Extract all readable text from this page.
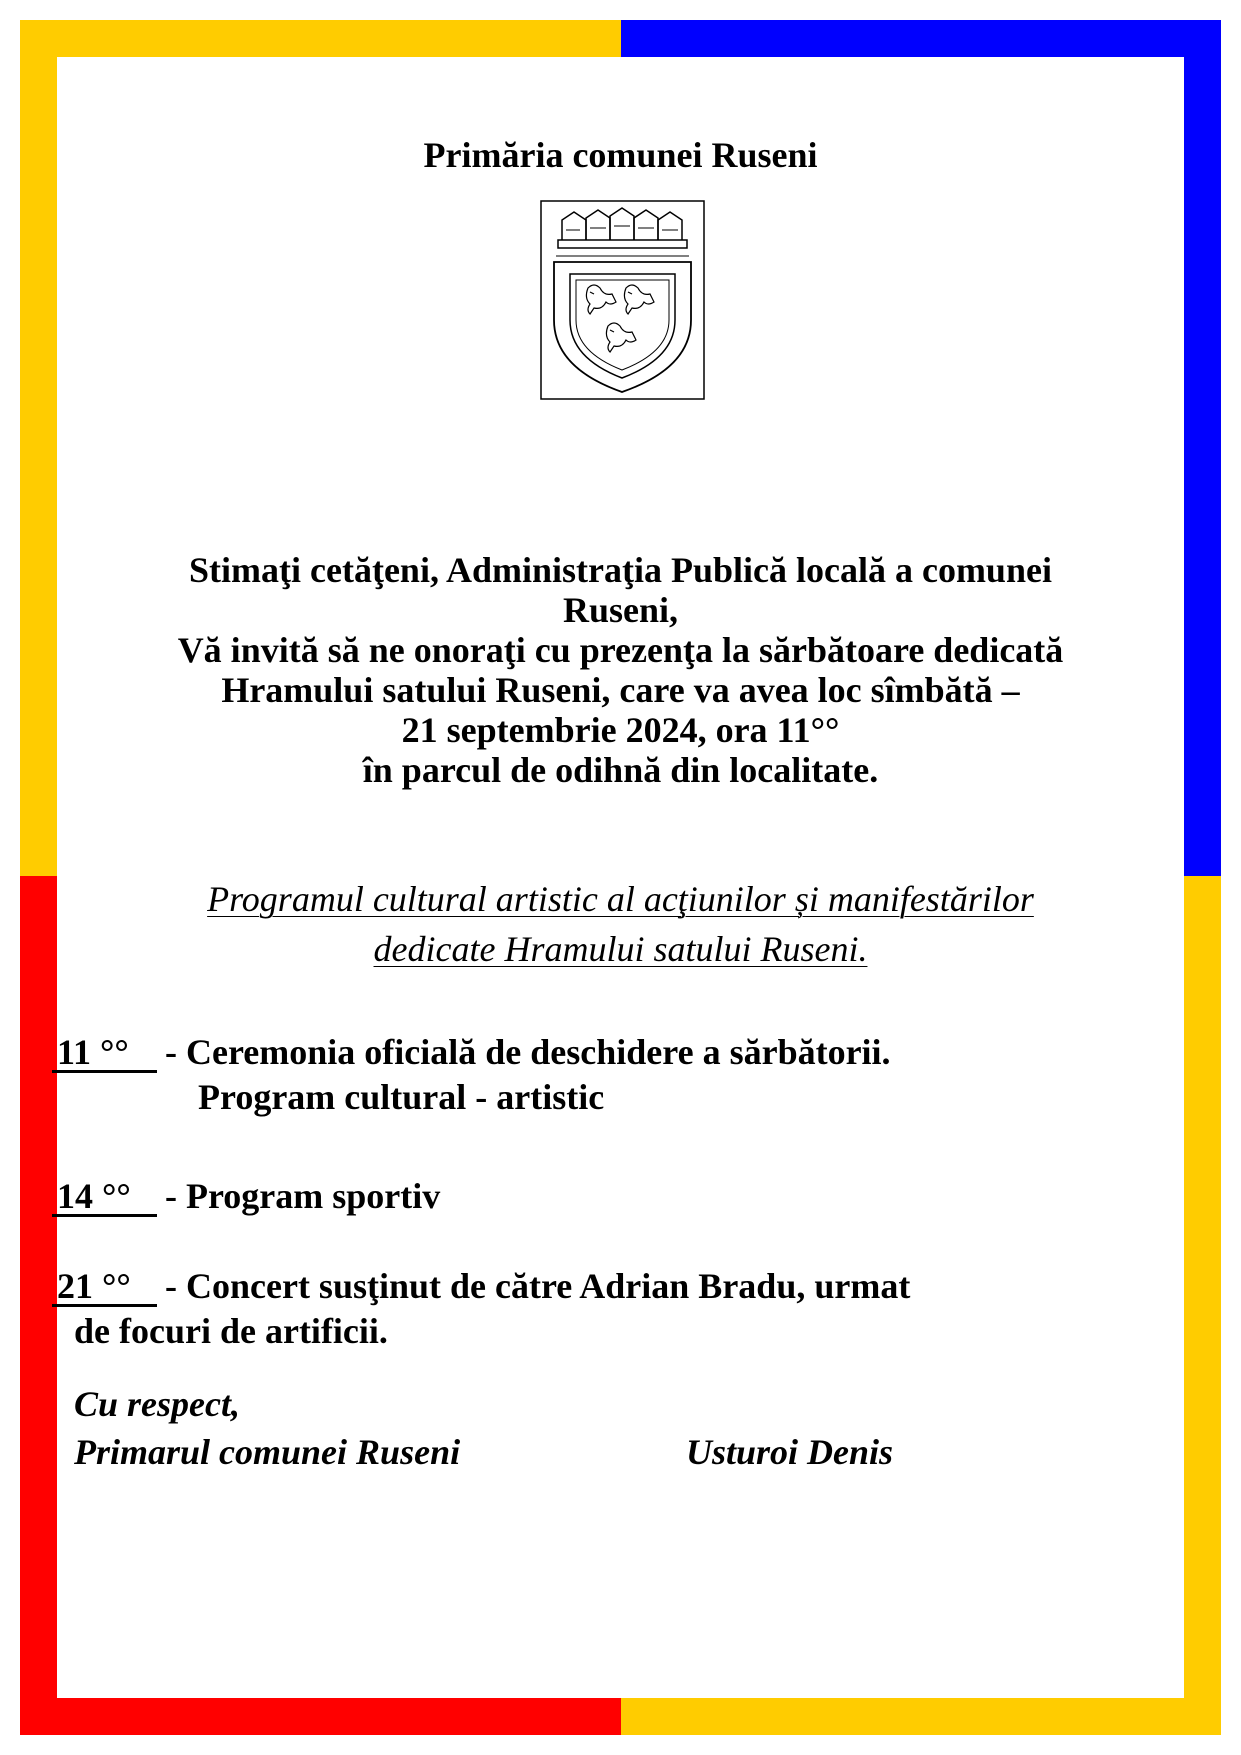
Primăria comunei Ruseni
Stimaţi cetăţeni, Administraţia Publică locală a comunei
Ruseni,
Vă invită să ne onoraţi cu prezenţa la sărbătoare dedicată
Hramului satului Ruseni, care va avea loc sîmbătă –
21 septembrie 2024, ora 11°°
în parcul de odihnă din localitate.
Programul cultural artistic al acţiunilor și manifestărilor
dedicate Hramului satului Ruseni.
11 °° - Ceremonia oficială de deschidere a sărbătorii.
Program cultural - artistic
14 °° - Program sportiv
21 °° - Concert susţinut de către Adrian Bradu, urmat
de focuri de artificii.
Cu respect,
Primarul comunei Ruseni	Usturoi Denis
